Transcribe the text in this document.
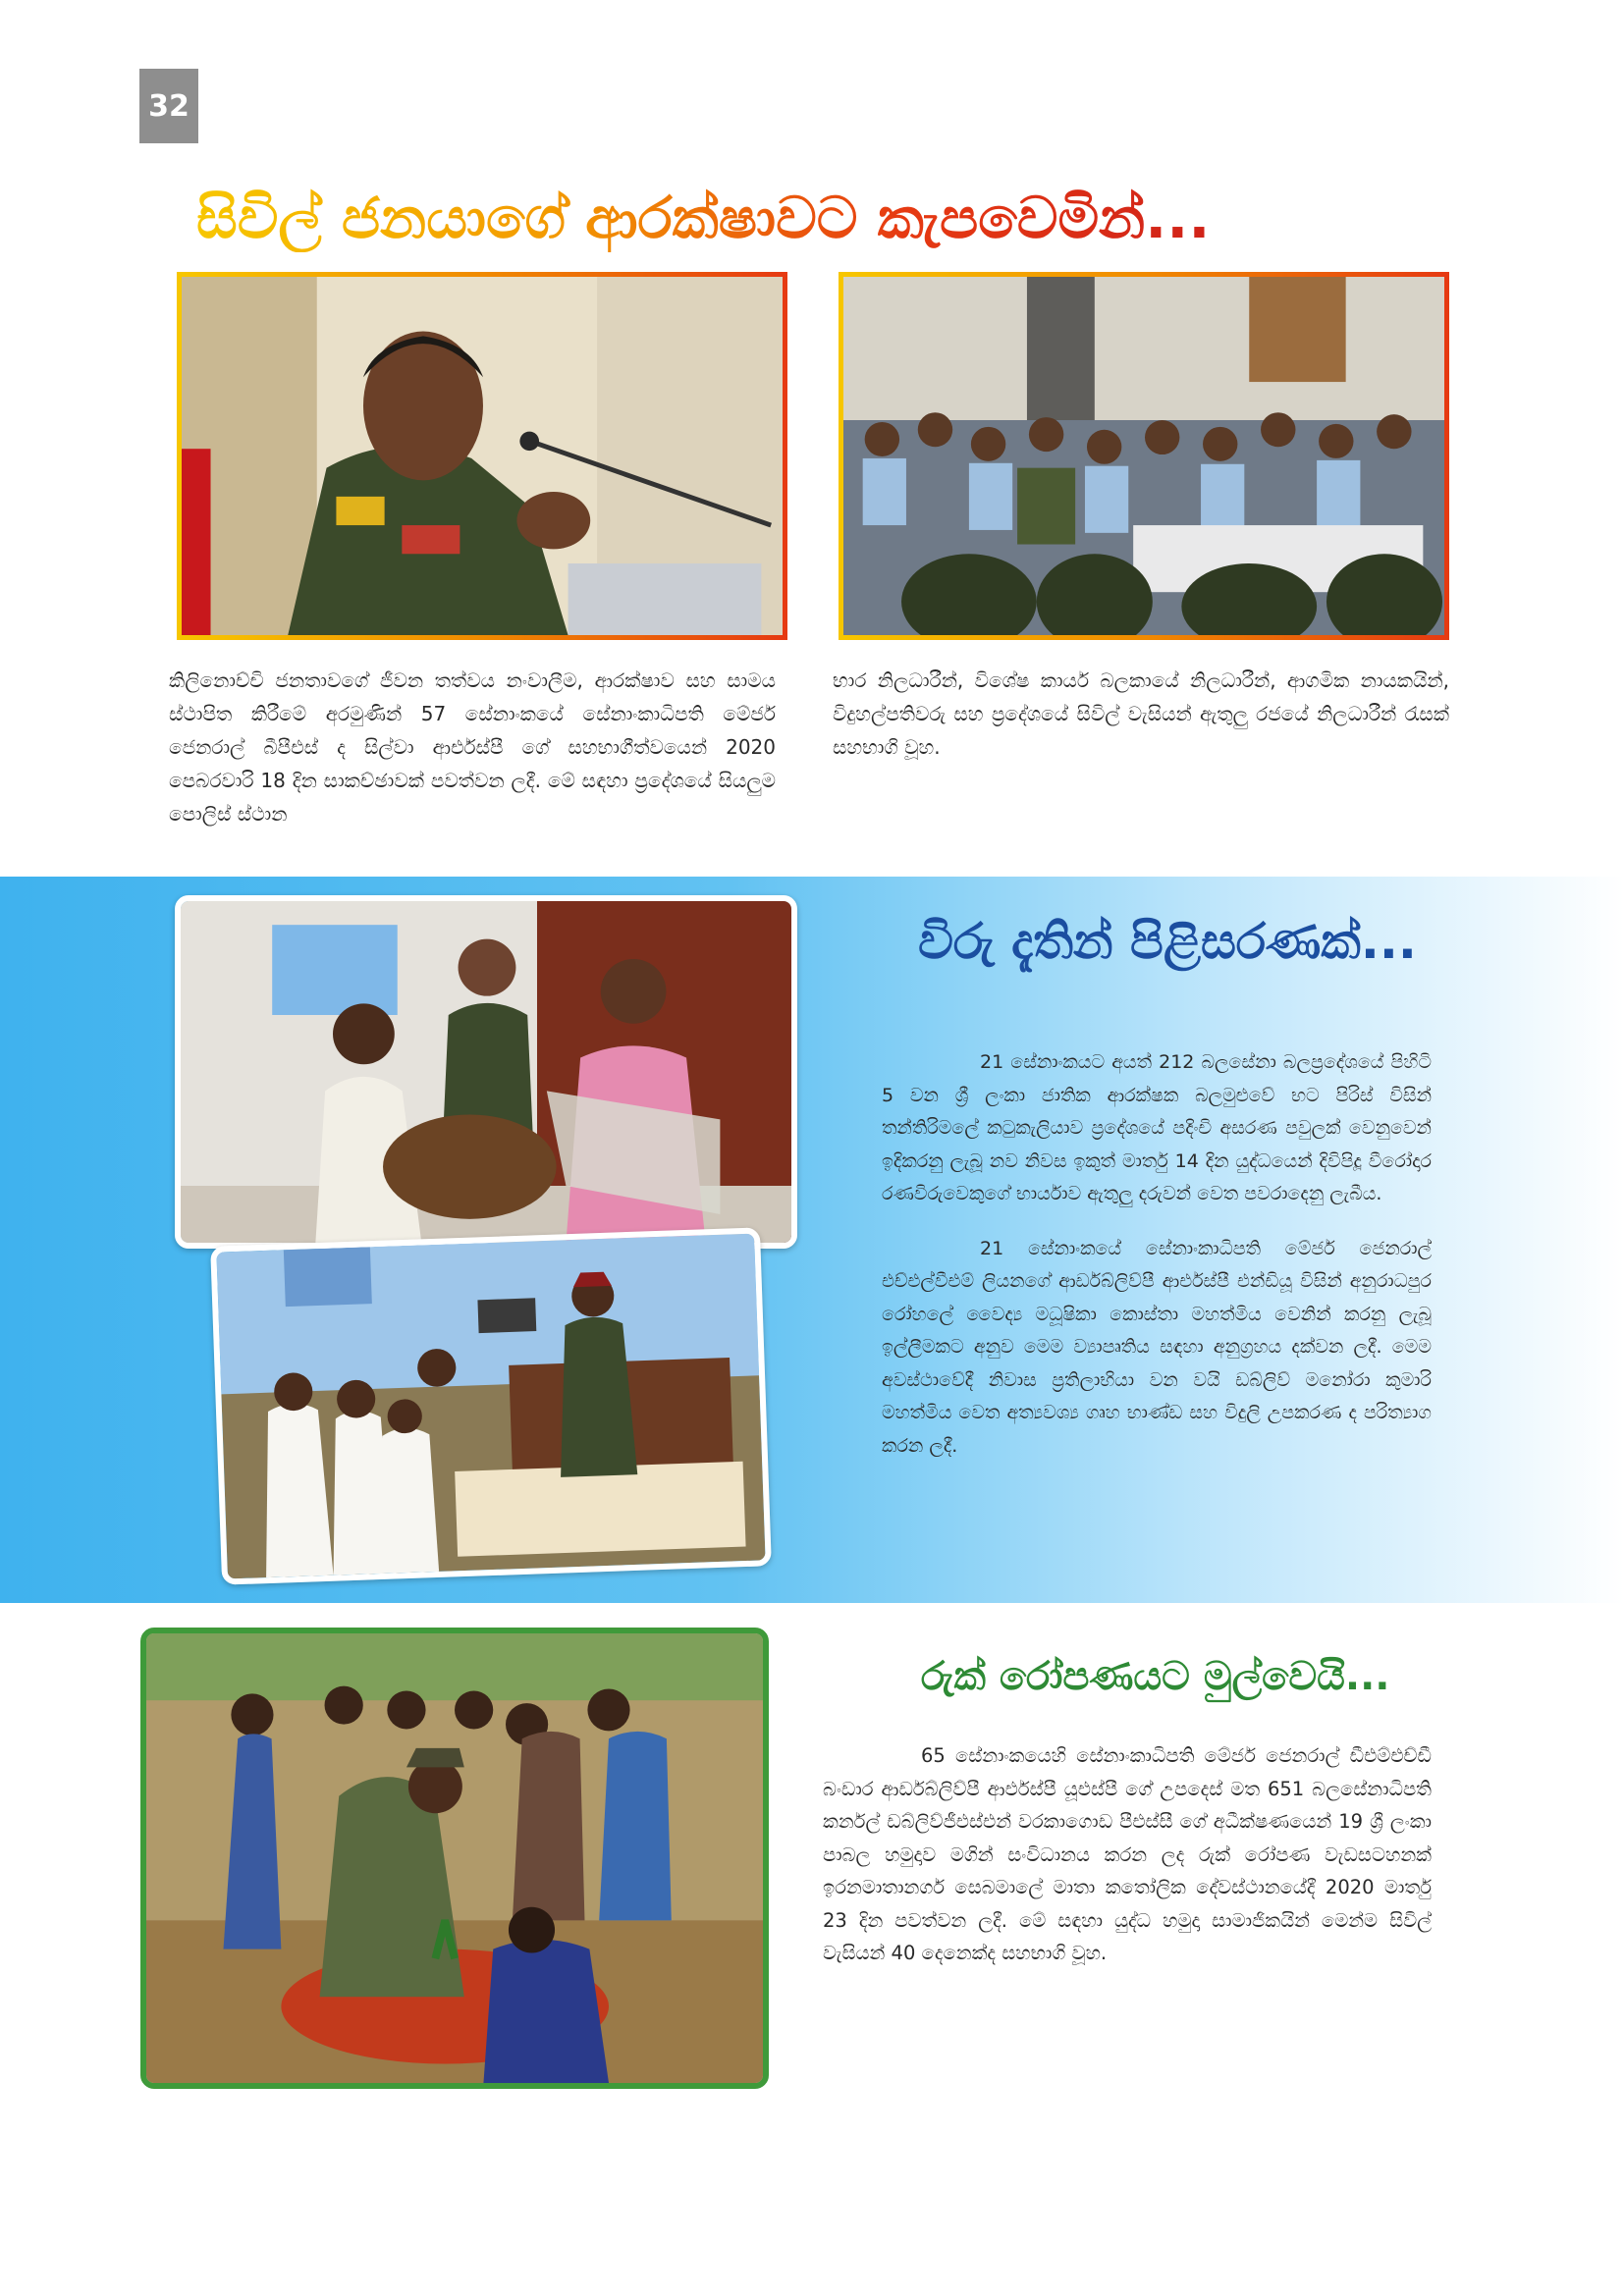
32
සිවිල් ජනයාගේ ආරක්ෂාවට කැපවෙමින්...
කිලිනොච්චි ජනතාවගේ ජීවන තත්වය නංවාලීම, ආරක්ෂාව සහ සාමය ස්ථාපිත කිරීමේ අරමුණින් 57 සේනාංකයේ සේනාංකාධිපති මේජර් ජෙනරාල් බීපීඑස් ද සිල්වා ආර්එස්පී ගේ සහභාගීත්වයෙන් 2020 පෙබරවාරි 18 දින සාකච්ඡාවක් පවත්වන ලදී. මේ සඳහා ප්‍රදේශයේ සියලුම පොලිස් ස්ථාන
භාර නිලධාරීන්, විශේෂ කාර්ය බලකායේ නිලධාරීන්, ආගමික නායකයින්, විදුහල්පතිවරු සහ ප්‍රදේශයේ සිවිල් වැසියන් ඇතුලු රජයේ නිලධාරීන් රැසක් සහභාගි වූහ.
විරු දැතින් පිළිසරණක්...

21 සේනාංකයට අයත් 212 බලසේනා බලප්‍රදේශයේ පිහිටි 5 වන ශ්‍රී ලංකා ජාතික ආරක්ෂක බලමුළුවේ භට පිරිස් විසින් තන්තිරිමලේ කටුකැලියාව ප්‍රදේශයේ පදිංචි අසරණ පවුලක් වෙනුවෙන් ඉදිකරනු ලැබූ නව නිවස ඉකුත් මාර්තු 14 දින යුද්ධයෙන් දිවිපිදූ වීරෝදාර රණවිරුවෙකුගේ භාර්යාව ඇතුලු දරුවන් වෙත පවරාදෙනු ලැබීය.

21 සේනාංකයේ සේනාංකාධිපති මේජර් ජෙනරාල් එච්එල්වීඑම් ලියනගේ ආර්ඩබ්ලිව්පී ආර්එස්පී එන්ඩියූ විසින් අනුරාධපුර රෝහලේ වෛද්‍ය මධූෂිකා කොස්තා මහත්මිය වෙනින් කරනු ලැබූ ඉල්ලීමකට අනුව මෙම ව්‍යාපෘතිය සඳහා අනුග්‍රහය දක්වන ලදී. මෙම අවස්ථාවේදී නිවාස ප්‍රතිලාභියා වන වයි ඩබ්ලිව් මනෝරා කුමාරි මහත්මිය වෙත අත්‍යවශ්‍ය ගෘහ භාණ්ඩ සහ විදුලි උපකරණ ද පරිත්‍යාග කරන ලදී.

රුක් රෝපණයට මුල්වෙයි...

65 සේනාංකයෙහි සේනාංකාධිපති මේජර් ජෙනරාල් ඩීඑම්එච්ඩී බංඩාර ආර්ඩබ්ලිව්පී ආර්එස්පී යූඑස්පී ගේ උපදෙස් මත 651 බලසේනාධිපති කර්නල් ඩබ්ලිව්ජීඑස්එන් වරකාගොඩ පීඑස්සී ගේ අධීක්ෂණයෙන් 19 ශ්‍රී ලංකා පාබල හමුදාව මගින් සංවිධානය කරන ලද රුක් රෝපණ වැඩසටහනක් ඉරනමාතානගර් සෙබමාලේ මාතා කතෝලික දේවස්ථානයේදී 2020 මාර්තු 23 දින පවත්වන ලදී. මේ සඳහා යුද්ධ හමුදා සාමාජිකයින් මෙන්ම සිවිල් වැසියන් 40 දෙනෙක්ද සහභාගි වූහ.
